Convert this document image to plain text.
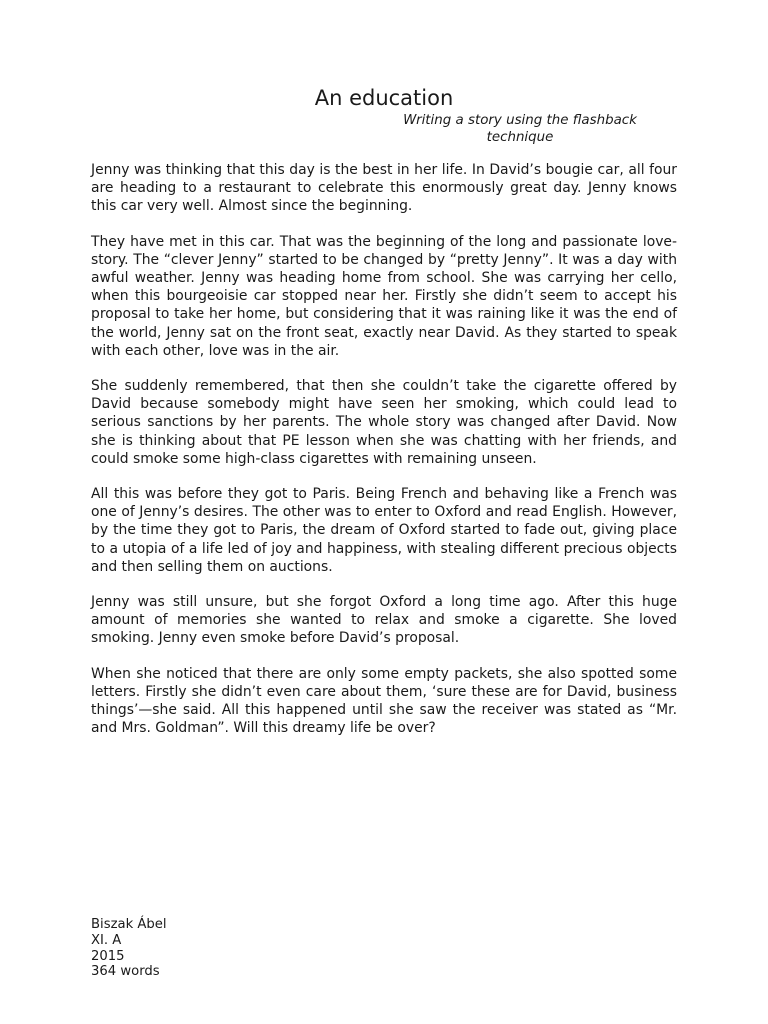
An education

Writing a story using the flashback technique

Jenny was thinking that this day is the best in her life. In David’s bougie car, all four are heading to a restaurant to celebrate this enormously great day. Jenny knows this car very well. Almost since the beginning.

They have met in this car. That was the beginning of the long and passionate love-story. The “clever Jenny” started to be changed by “pretty Jenny”. It was a day with awful weather. Jenny was heading home from school. She was carrying her cello, when this bourgeoisie car stopped near her. Firstly she didn’t seem to accept his proposal to take her home, but considering that it was raining like it was the end of the world, Jenny sat on the front seat, exactly near David. As they started to speak with each other, love was in the air.

She suddenly remembered, that then she couldn’t take the cigarette offered by David because somebody might have seen her smoking, which could lead to serious sanctions by her parents. The whole story was changed after David. Now she is thinking about that PE lesson when she was chatting with her friends, and could smoke some high-class cigarettes with remaining unseen.

All this was before they got to Paris. Being French and behaving like a French was one of Jenny’s desires. The other was to enter to Oxford and read English. However, by the time they got to Paris, the dream of Oxford started to fade out, giving place to a utopia of a life led of joy and happiness, with stealing different precious objects and then selling them on auctions.

Jenny was still unsure, but she forgot Oxford a long time ago. After this huge amount of memories she wanted to relax and smoke a cigarette. She loved smoking. Jenny even smoke before David’s proposal.

When she noticed that there are only some empty packets, she also spotted some letters. Firstly she didn’t even care about them, ‘sure these are for David, business things’—she said. All this happened until she saw the receiver was stated as “Mr. and Mrs. Goldman”. Will this dreamy life be over?

Biszak Ábel
XI. A
2015
364 words
